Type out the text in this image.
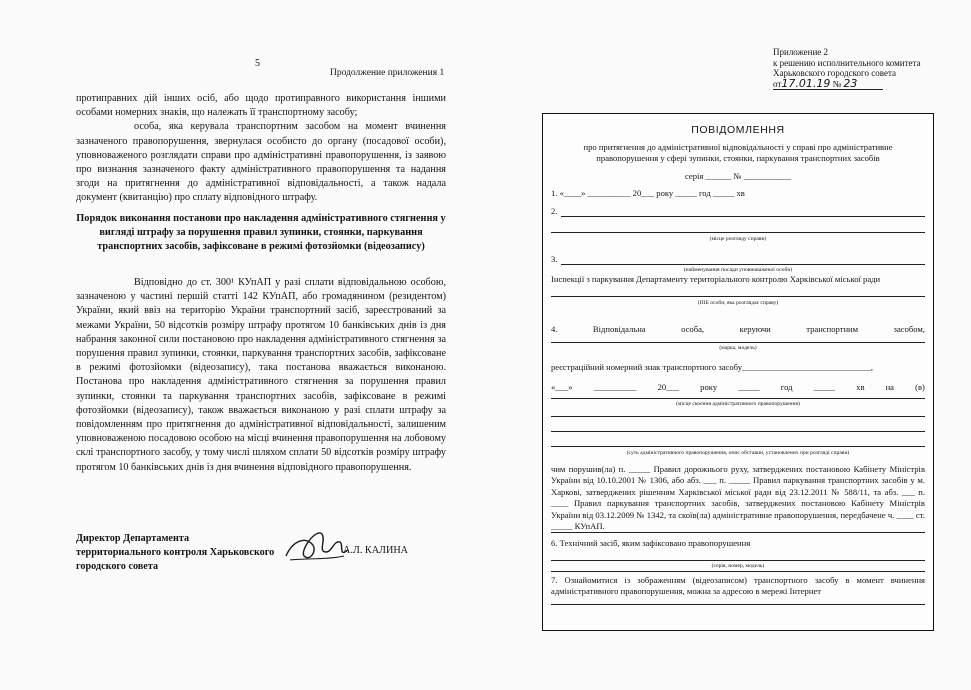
5
Продолжение приложения 1

протиправних дій інших осіб, або щодо протиправного використання іншими особами номерних знаків, що належать її транспортному засобу;

особа, яка керувала транспортним засобом на момент вчинення зазначеного правопорушення, звернулася особисто до органу (посадової особи), уповноваженого розглядати справи про адміністративні правопорушення, із заявою про визнання зазначеного факту адміністративного правопорушення та надання згоди на притягнення до адміністративної відповідальності, а також надала документ (квитанцію) про сплату відповідного штрафу.

Порядок виконання постанови про накладення адміністративного стягнення у вигляді штрафу за порушення правил зупинки, стоянки, паркування транспортних засобів, зафіксоване в режимі фотозйомки (відеозапису)

Відповідно до ст. 300¹ КУпАП у разі сплати відповідальною особою, зазначеною у частині першій статті 142 КУпАП, або громадянином (резидентом) України, який ввіз на територію України транспортний засіб, зареєстрований за межами України, 50 відсотків розміру штрафу протягом 10 банківських днів із дня набрання законної сили постановою про накладення адміністративного стягнення за порушення правил зупинки, стоянки, паркування транспортних засобів, зафіксоване в режимі фотозйомки (відеозапису), така постанова вважається виконаною. Постанова про накладення адміністративного стягнення за порушення правил зупинки, стоянки та паркування транспортних засобів, зафіксоване в режимі фотозйомки (відеозапису), також вважається виконаною у разі сплати штрафу за повідомленням про притягнення до адміністративної відповідальності, залишеним уповноваженою посадовою особою на місці вчинення правопорушення на лобовому склі транспортного засобу, у тому числі шляхом сплати 50 відсотків розміру штрафу протягом 10 банківських днів із дня вчинення відповідного правопорушення.

Директор Департамента территориального контроля Харьковского городского совета
А.Л. КАЛИНА
Приложение 2
к решению исполнительного комитета
Харьковского городского совета
от17.01.19 № 23
ПОВІДОМЛЕННЯ
про притягнення до адміністративної відповідальності у справі про адміністративне правопорушення у сфері зупинки, стоянки, паркування транспортних засобів
серія ______ № ___________
1. «____» __________ 20___ року _____ год _____ хв
2.
(місце розгляду справи)
3.
(найменування посади уповноваженої особи)
Інспекції з паркування Департаменту територіального контролю Харківської міської ради
(ПІБ особи, яка розглядає справу)
4.	Відповідальна	особа,	керуючи	транспортним	засобом,
(марка, модель)
реєстраційний номерний знак транспортного засобу______________________________,
«___» __________ 20___ року _____ год _____ хв на (в)
(місце скоєння адміністративного правопорушення)
(суть адміністративного правопорушення, опис обставин, установлених при розгляді справи)
чим порушив(ла) п. _____ Правил дорожнього руху, затверджених постановою Кабінету Міністрів України від 10.10.2001 № 1306, або абз. ___ п. _____ Правил паркування транспортних засобів у м. Харкові, затверджених рішенням Харківської міської ради від 23.12.2011 № 588/11, та абз. ___ п. ____ Правил паркування транспортних засобів, затверджених постановою Кабінету Міністрів України від 03.12.2009 № 1342, та скоїв(ла) адміністративне правопорушення, передбачене ч. ____ ст. _____ КУпАП.
6. Технічний засіб, яким зафіксовано правопорушення
(серія, номер, модель)
7. Ознайомитися із зображенням (відеозаписом) транспортного засобу в момент вчинення адміністративного правопорушення, можна за адресою в мережі Інтернет
